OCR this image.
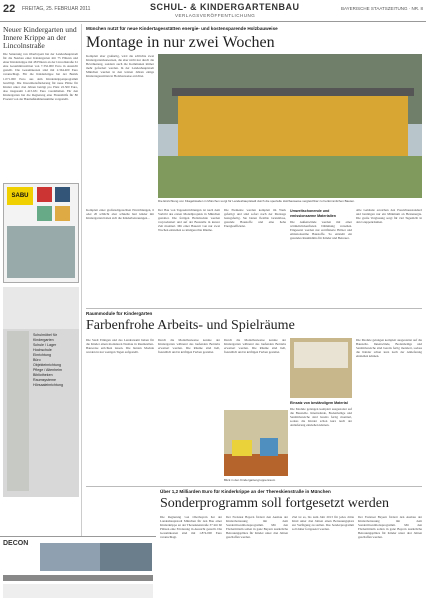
22 FREITAG, 25. FEBRUAR 2011	SCHUL- & KINDERGARTENBAU
VERLAGSVERÖFFENTLICHUNG
BAYERISCHE STAATSZEITUNG · NR. 8
Neuer Kindergarten und Innere Krippe an der Lincolnstraße
Die Sanierung von Oberbayern hat der Landeshauptstadt für die Neubau einer Kindergarten mit 75 Plätzen und einer Kinderkrippe mit 48 Plätzen an der Lincolnstraße 61 eine Gesamtinvestition von 7.332.000 Euro in Aussicht gestellt. Die Gesamtkosten sind mit 2.364.400 Euro veranschlagt. Für die Kinderkrippe hat der Bezirk 1.071.000 Euro aus dem Kinderkrippenprogramm bewilligt. Die Investitionsförderung für neue Plätze für Kinder unter drei Jahren beträgt pro Platz 22.500 Euro, also insgesamt 1.415.631 Euro vorenthalten. Für den Kindergarten hat die Regierung eine Finanzhilfe für 80 Prozent von der Baumaßnahmensumme vorgestellt.
SABU
Schulmöbel für
Kindergarten
Schule / Lager
Hochschule
Einrichtung
Büro
Objekteinrichtung
Pflege / Altenheim
Bibliotheken
Raumsysteme
Hörsaaleinrichtung
München nutzt für neue Kindertagesstätten energie- und kostensparende Holzbauweise
Montage in nur zwei Wochen
Komplett aber großartig, wird die schlichte zwei Kindergartenbauweisen, die aber nicht nur durch die Bevölkerung, sondern auch die Kommunen immer mehr gefordert werden. In der Landeshauptstadt München wurden in den letzten Jahren einige Kindertagesstätten in Holzbauweise errichtet.
Die Einrichtung von Kitagebäuden in München sorgt für Landeshauptstadt durch die spezielle Holzbauweise vergleichbar zu herkömmlichen Bauten.
Der Bau von Tageseinrichtungen ist nach dem Vorbild des ersten Modellprojekts in München gestaltet. Die fertigen Holzmodule werden vorproduziert und auf der Baustelle in kurzer Zeit montiert. Mit einer Bauzeit von nur zwei Wochen entstehen so kindgerechte Räume.
Die Elemente werden komplett im Werk gefertigt und sind sofort nach der Montage bezugsfertig. Sie bieten flexible Grundrisse, gesunde Baustoffe und eine hohe Energieeffizienz.
Umweltschonende und emissionsarme Materialien
Die Außenwände werden mit einer wärmebrückenfreien Dämmung versehen. Eingesetzt werden nur zertifizierte Hölzer und emissionsarme Baustoffe. So entsteht ein gesundes Raumklima für Kinder und Betreuer.
Alle Gebäude erreichen den Passivhausstandard und benötigen nur ein Minimum an Heizenergie. Die große Verglasung sorgt für viel Tageslicht in den Gruppenräumen.
Komplett einer großstadtgerechten Einrichtungen, 6 oder 20 schlicht aber schnelle hart kinder mit Kindergarten haben sich die Kinderbetreuungen...
Raummodule für Kindergärten
Farbenfrohe Arbeits- und Spielräume
Die Stadt Ettingen und das Landratsamt haben für die Kinder einen modularen Neubau in Raumzellen-Bauweise errichten lassen. Die bunten Module wurden in nur wenigen Tagen aufgestellt.
Durch die Modulbauweise konnte der Kindergarten während des laufenden Betriebs erweitert werden. Die Räume sind hell, freundlich und in kräftigen Farben gestaltet.
Durch die Modulbauweise konnte der Kindergarten während des laufenden Betriebs erweitert werden. Die Räume sind hell, freundlich und in kräftigen Farben gestaltet.
Blick in den Kindergartengruppenraum
Einsatz von beständigem Material
Die Module gelangen komplett ausgestattet auf die Baustelle. Innenwände, Bodenbeläge und Sanitärbereiche sind bereits fertig montiert, sodass die Kinder schon kurz nach der Anlieferung einziehen können.
Die Module gelangen komplett ausgestattet auf die Baustelle. Innenwände, Bodenbeläge und Sanitärbereiche sind bereits fertig montiert, sodass die Kinder schon kurz nach der Anlieferung einziehen können.
Über 1,2 Milliarden Euro für Kinderkrippe an der Thereskienstraße in München
Sonderprogramm soll fortgesetzt werden
Die Regierung von Oberbayern hat der Landeshauptstadt München für den Bau einer Kinderkrippe an der Thereskienstraße 37 mit 60 Plätzen eine Förderung in Aussicht gestellt. Die Gesamtkosten sind mit 1.874.000 Euro veranschlagt.
Der Freistaat Bayern fördert den Ausbau der Kinderbetreuung mit dem Sonderinvestitionsprogramm. Mit den Fördermitteln sollen in ganz Bayern zusätzliche Betreuungsplätze für Kinder unter drei Jahren geschaffen werden.
Ziel ist es, bis zum Jahr 2013 für jedes dritte Kind unter drei Jahren einen Betreuungsplatz zur Verfügung zu stellen. Das Sonderprogramm soll daher fortgesetzt werden.
Der Freistaat Bayern fördert den Ausbau der Kinderbetreuung mit dem Sonderinvestitionsprogramm. Mit den Fördermitteln sollen in ganz Bayern zusätzliche Betreuungsplätze für Kinder unter drei Jahren geschaffen werden.
DECON
